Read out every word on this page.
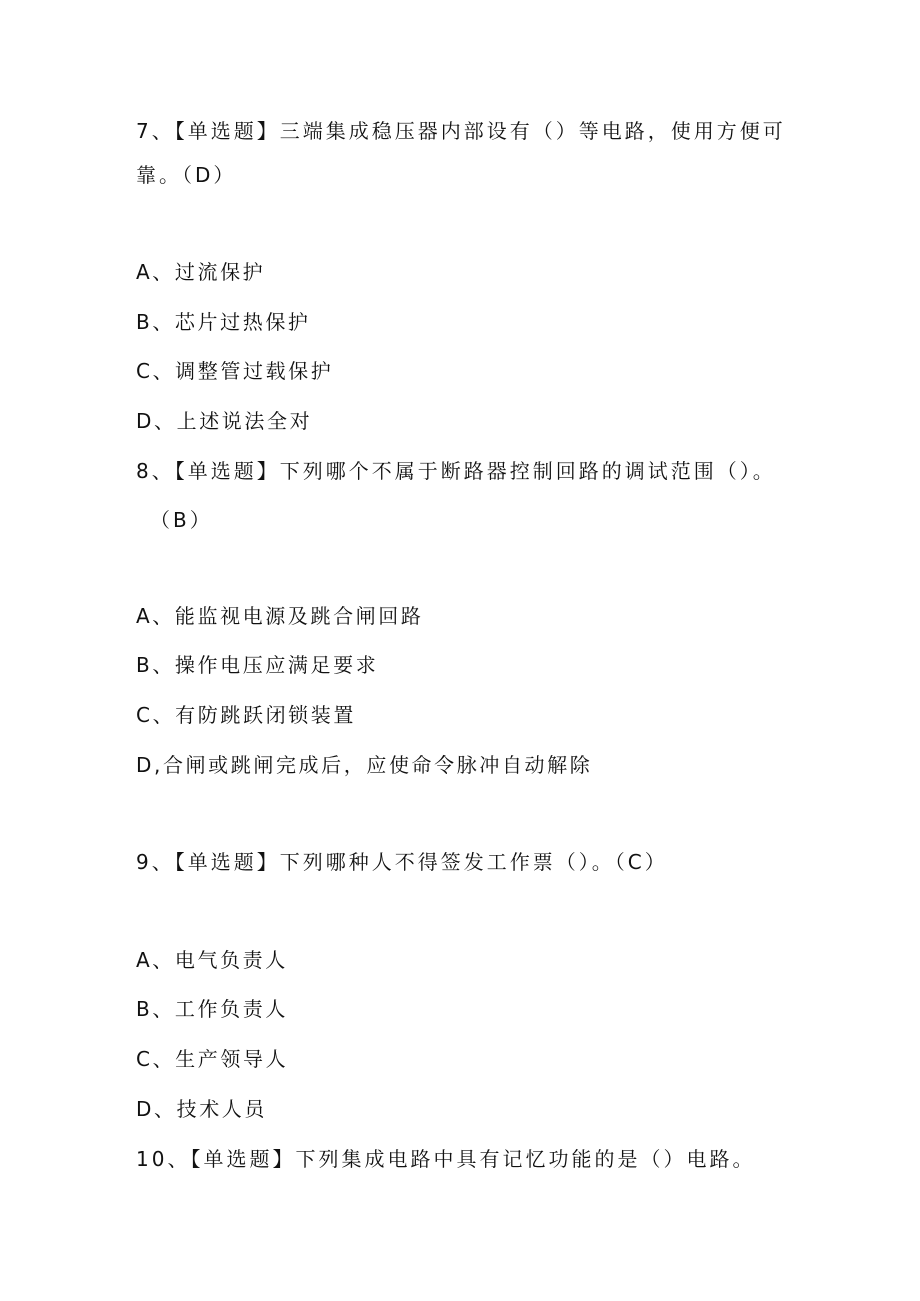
7、【单选题】三端集成稳压器内部设有（）等电路，使用方便可
靠。（D）
A、过流保护
B、芯片过热保护
C、调整管过载保护
D、上述说法全对
8、【单选题】下列哪个不属于断路器控制回路的调试范围（）。
（B）
A、能监视电源及跳合闸回路
B、操作电压应满足要求
C、有防跳跃闭锁装置
D,合闸或跳闸完成后，应使命令脉冲自动解除
9、【单选题】下列哪种人不得签发工作票（）。（C）
A、电气负责人
B、工作负责人
C、生产领导人
D、技术人员
10、【单选题】下列集成电路中具有记忆功能的是（）电路。
